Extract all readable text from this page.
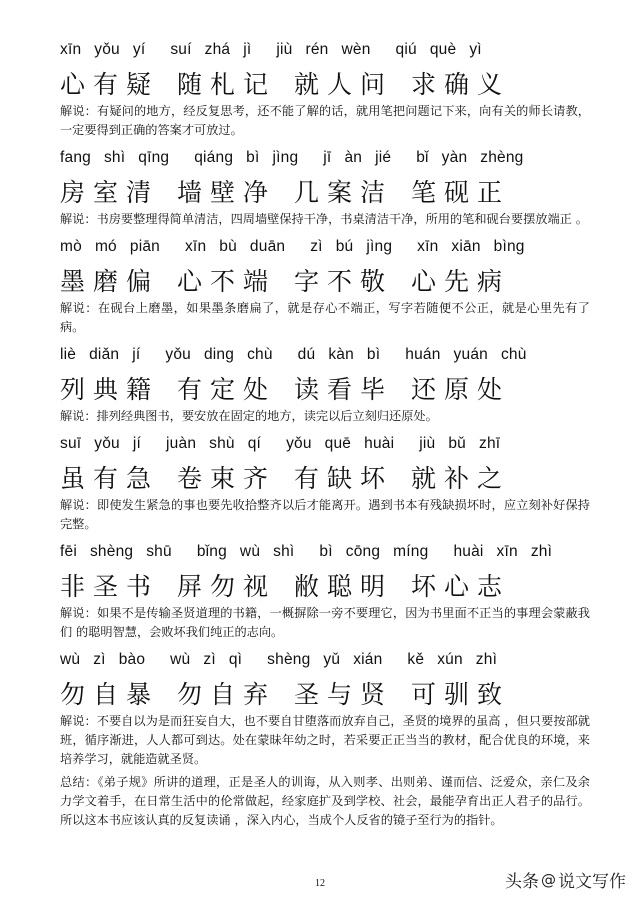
xīn yǒu yí suí zhá jì jiù rén wèn qiú què yì
心 有 疑	随 札 记	就 人 问	求 确 义

解说：有疑问的地方，经反复思考，还不能了解的话，就用笔把问题记下来，向有关的师长请教，一定要得到正确的答案才可放过。

fang shì qīng qiáng bì jìng jī àn jié bǐ yàn zhèng
房 室 清	墙 壁 净	几 案 洁	笔 砚 正

解说：书房要整理得简单清洁，四周墙壁保持干净，书桌清洁干净，所用的笔和砚台要摆放端正 。

mò mó piān xīn bù duān zì bú jìng xīn xiān bìng
墨 磨 偏	心 不 端	字 不 敬	心 先 病

解说：在砚台上磨墨，如果墨条磨扁了，就是存心不端正，写字若随便不公正，就是心里先有了病。

liè diǎn jí yǒu ding chù dú kàn bì huán yuán chù
列 典 籍	有 定 处	读 看 毕	还 原 处

解说：排列经典图书，要安放在固定的地方，读完以后立刻归还原处。

suī yǒu jí juàn shù qí yǒu quē huài jiù bǔ zhī
虽 有 急	卷 束 齐	有 缺 坏	就 补 之

解说：即使发生紧急的事也要先收拾整齐以后才能离开。遇到书本有残缺损坏时，应立刻补好保持完整。

fēi shèng shū bǐng wù shì bì cōng míng huài xīn zhì
非 圣 书	屏 勿 视	敝 聪 明	坏 心 志

解说：如果不是传输圣贤道理的书籍，一概摒除一旁不要理它，因为书里面不正当的事理会蒙蔽我们 的聪明智慧，会败坏我们纯正的志向。

wù zì bào wù zì qì shèng yǔ xián kě xún zhì
勿 自 暴	勿 自 弃	圣 与 贤	可 驯 致

解说：不要自以为是而狂妄自大，也不要自甘堕落而放弃自己，圣贤的境界的虽高 ，但只要按部就班，循序渐进，人人都可到达。处在蒙昧年幼之时，若采要正正当当的教材，配合优良的环境，来培养学习，就能造就圣贤。

总结：《弟子规》所讲的道理，正是圣人的训诲，从入则孝、出则弟、谨而信、泛爱众，亲仁及余力学文着手，在日常生活中的伦常做起，经家庭扩及到学校、社会，最能孕育出正人君子的品行。所以这本书应该认真的反复读诵 ，深入内心，当成个人反省的镜子至行为的指针。

12	头条 @ 说文写作
